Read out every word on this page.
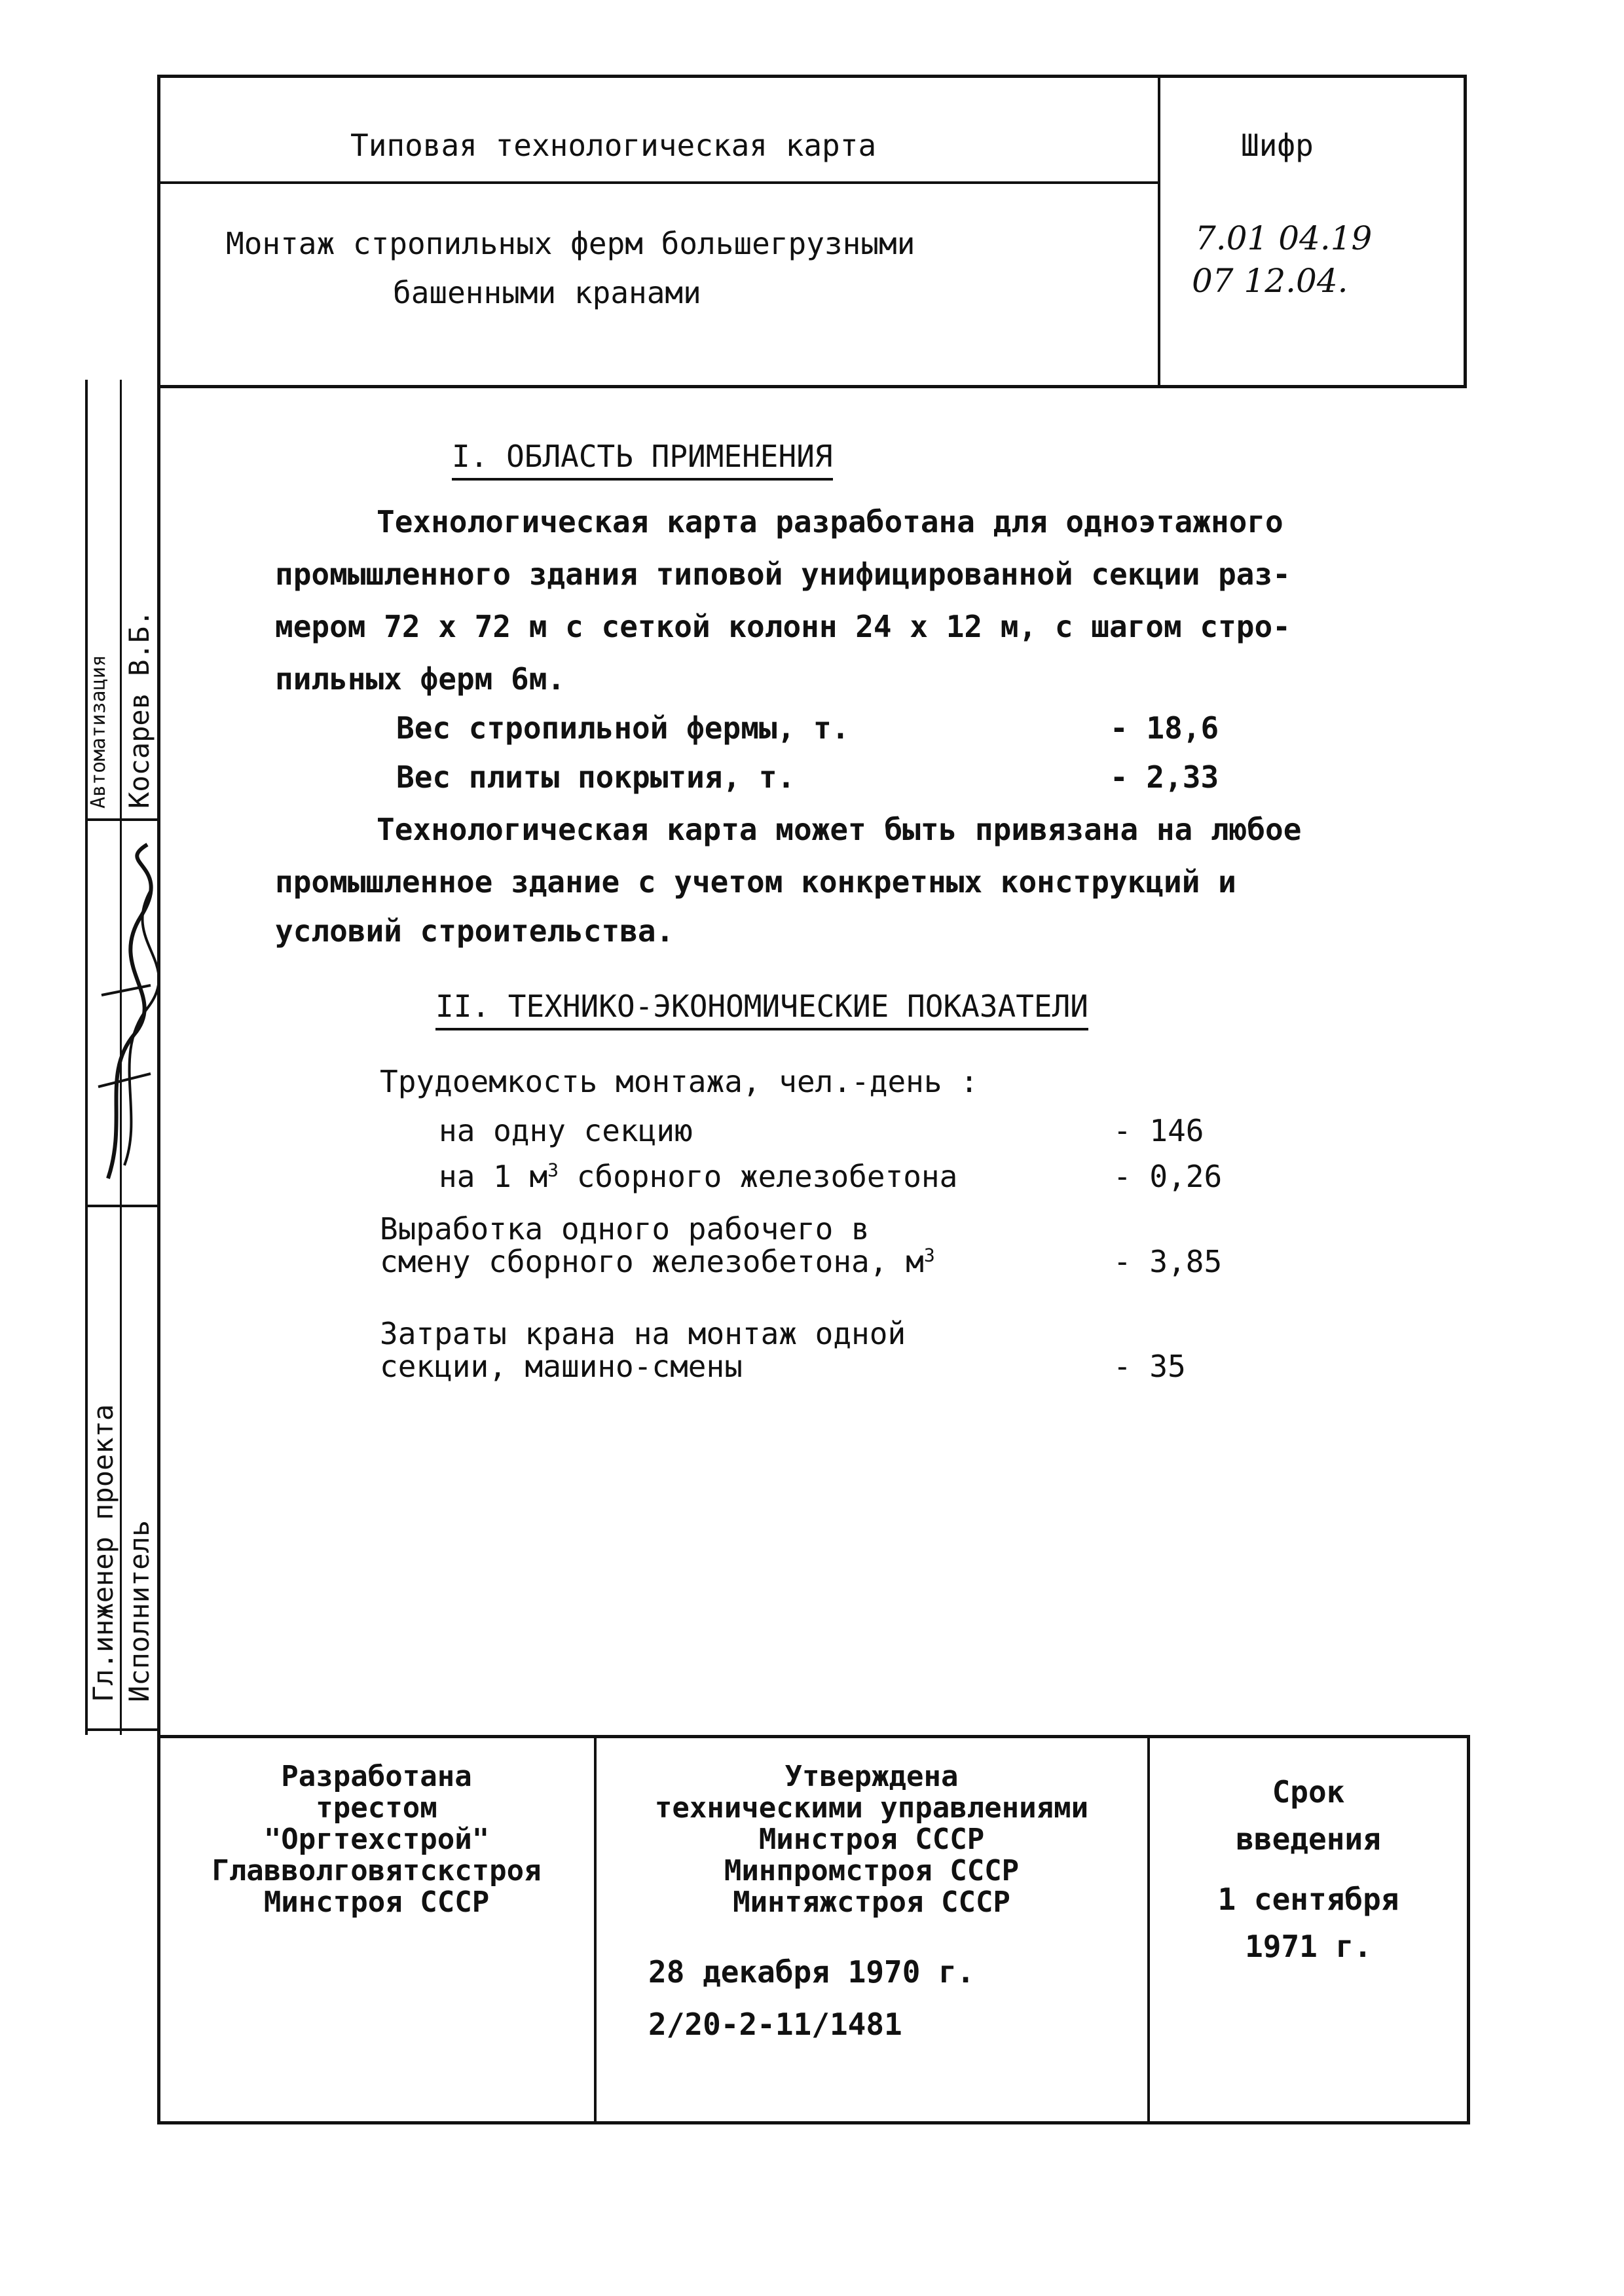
Типовая технологическая карта	Шифр
Монтаж стропильных ферм большегрузными
башенными кранами
7.01 04.19
07 12.04.
Гл.инженер проекта Исполнитель
Косарев В.Б.
Автоматизация
I. ОБЛАСТЬ ПРИМЕНЕНИЯ
Технологическая карта разработана для одноэтажного
промышленного здания типовой унифицированной секции раз-
мером 72 х 72 м с сеткой колонн 24 х 12 м, с шагом стро-
пильных ферм 6м.
Вес стропильной фермы, т.	- 18,6
Вес плиты покрытия, т.	- 2,33
Технологическая карта может быть привязана на любое
промышленное здание с учетом конкретных конструкций и
условий строительства.
II. ТЕХНИКО-ЭКОНОМИЧЕСКИЕ ПОКАЗАТЕЛИ
Трудоемкость монтажа, чел.-день :
на одну секцию	- 146
на 1 $м^3$ сборного железобетона	- 0,26
Выработка одного рабочего в
смену сборного железобетона, $м^3$	- 3,85
Затраты крана на монтаж одной
секции, машино-смены	- 35
Разработана
трестом
"Оргтехстрой"
Главволговятскстроя
Минстроя СССР
Утверждена
техническими управлениями
Минстроя СССР
Минпромстроя СССР
Минтяжстроя СССР
28 декабря 1970 г.
2/20-2-11/1481
Срок
введения
1 сентября
1971 г.
